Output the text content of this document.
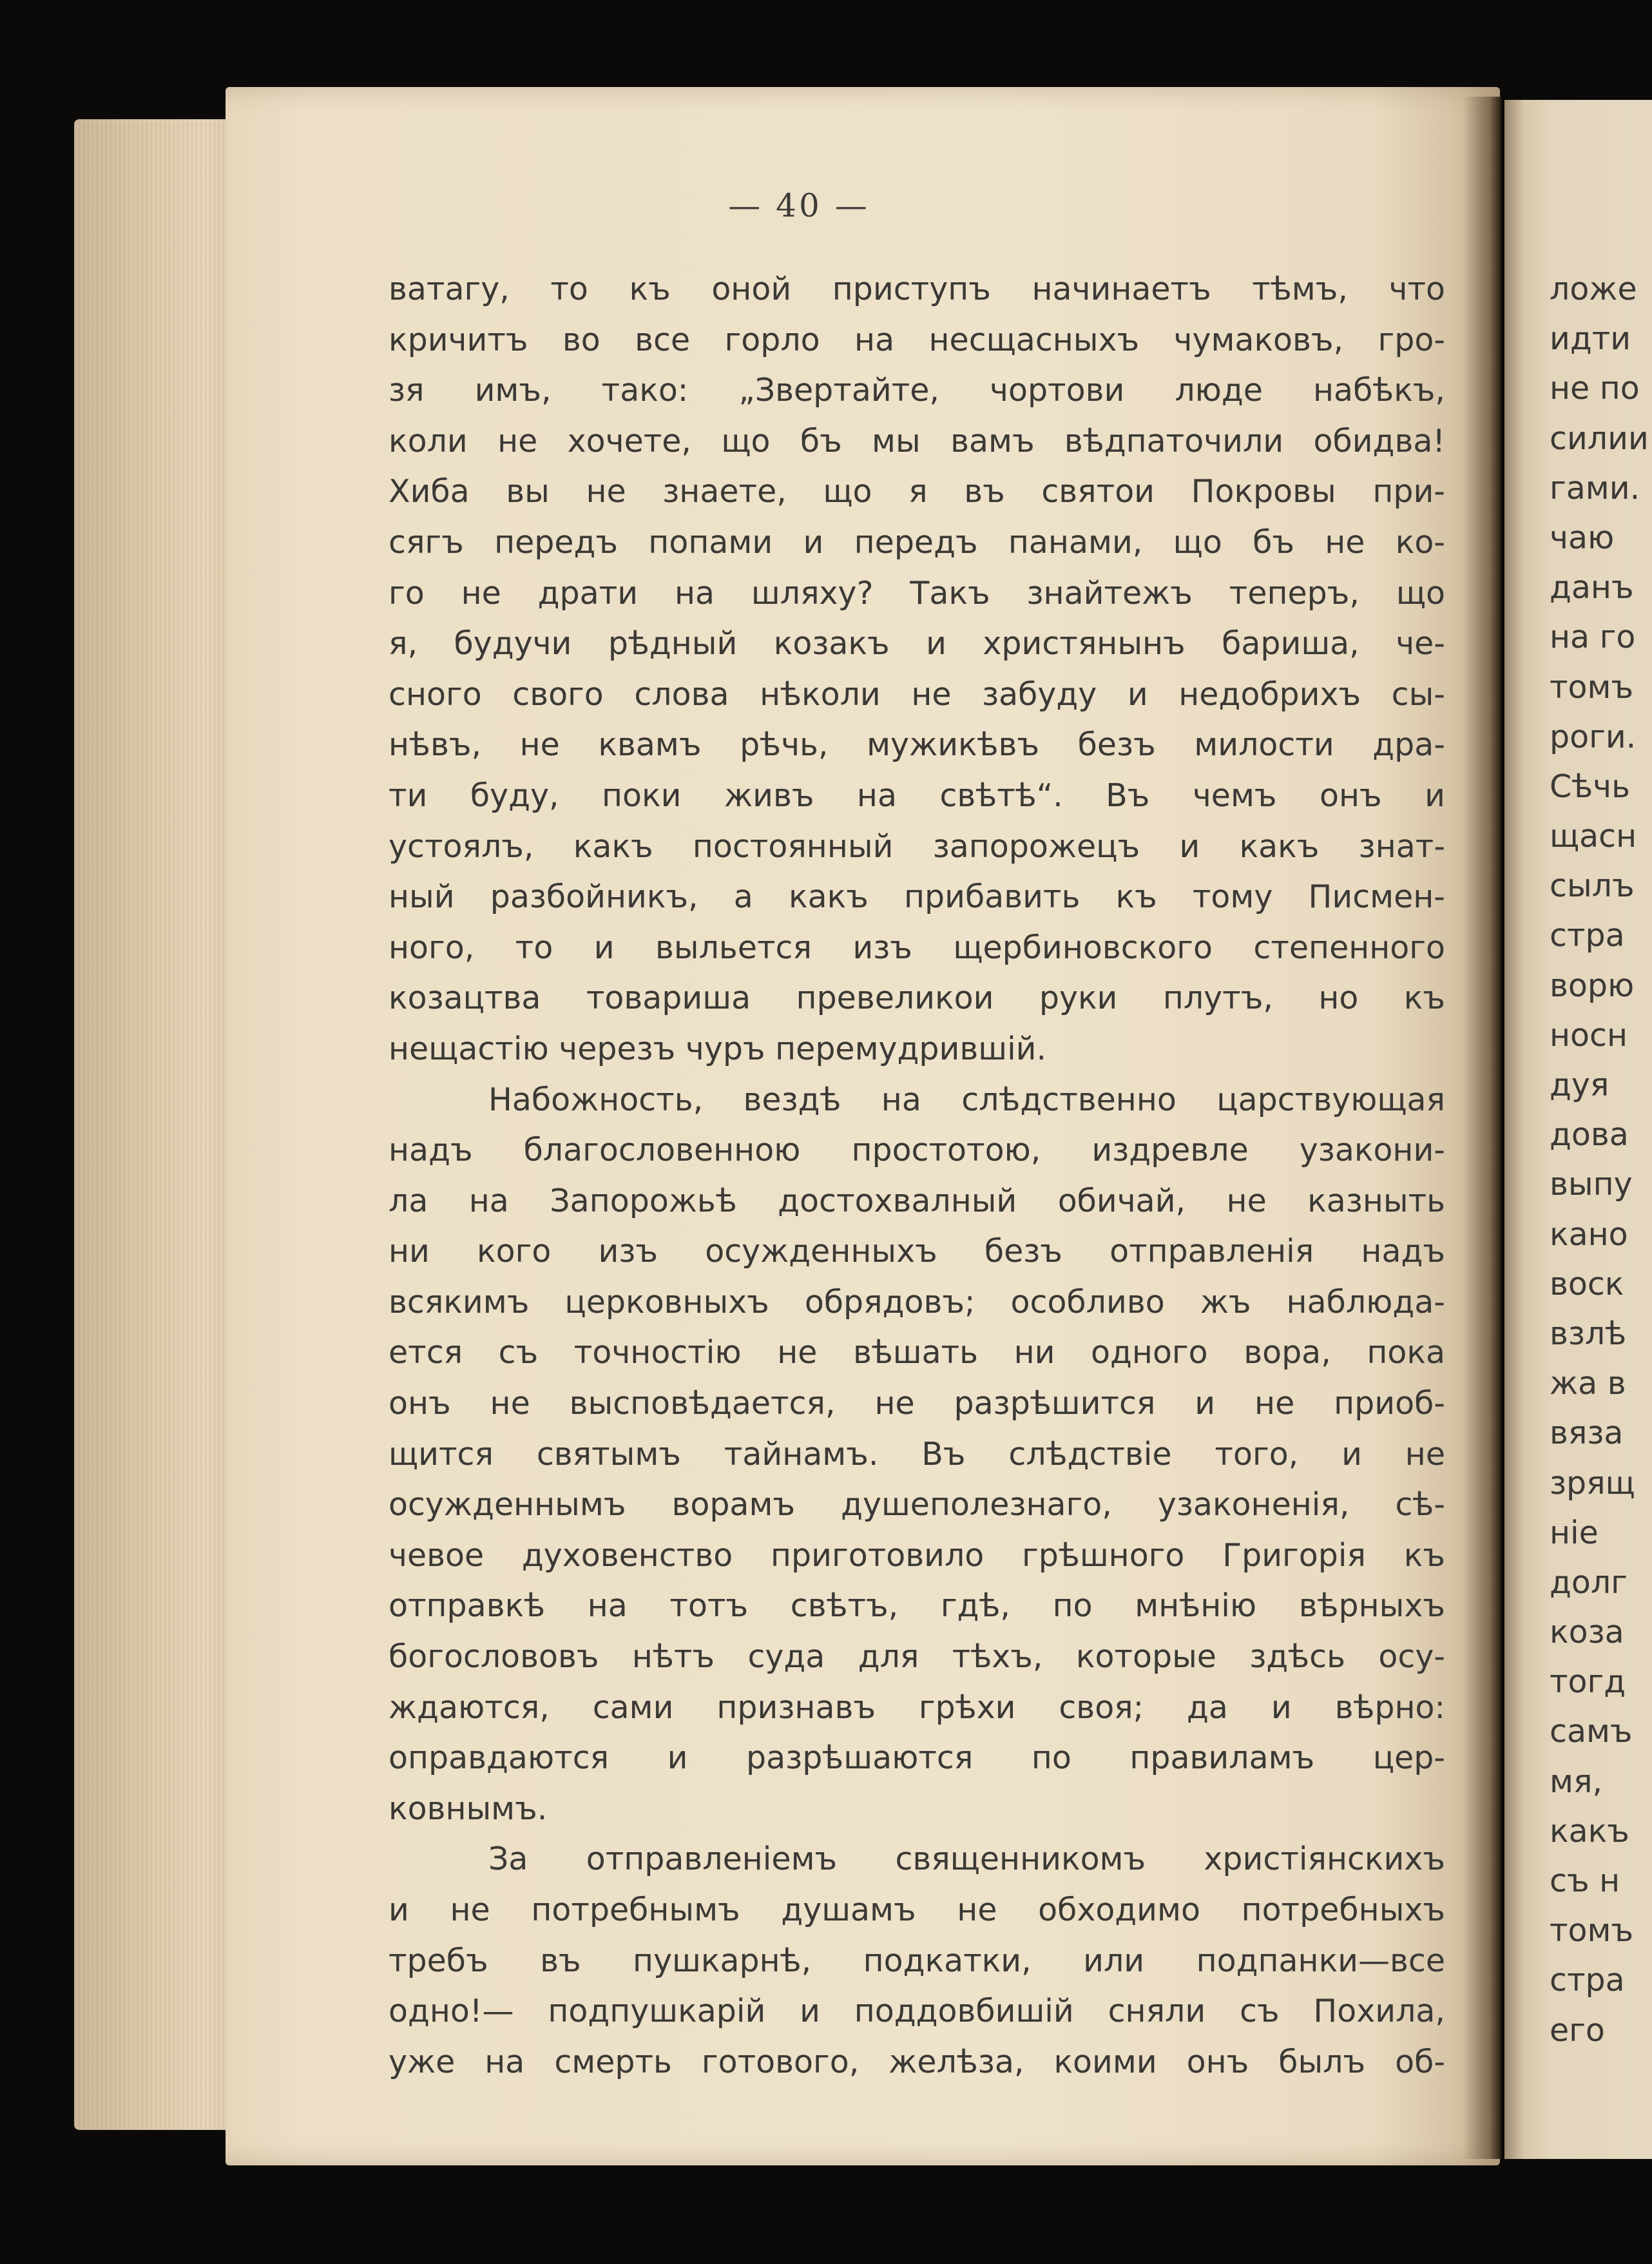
— 40 —
ватагу, то къ оной приступъ начинаетъ тѣмъ, что
кричитъ во все горло на несщасныхъ чумаковъ, гро-
зя имъ, тако: „Звертайте, чортови люде набѣкъ,
коли не хочете, що бъ мы вамъ вѣдпаточили обидва!
Хиба вы не знаете, що я въ святои Покровы при-
сягъ передъ попами и передъ панами, що бъ не ко-
го не драти на шляху? Такъ знайтежъ теперъ, що
я, будучи рѣдный козакъ и христянынъ бариша, че-
сного свого слова нѣколи не забуду и недобрихъ сы-
нѣвъ, не квамъ рѣчь, мужикѣвъ безъ милости дра-
ти буду, поки живъ на свѣтѣ“. Въ чемъ онъ и
устоялъ, какъ постоянный запорожецъ и какъ знат-
ный разбойникъ, а какъ прибавить къ тому Писмен-
ного, то и выльется изъ щербиновского степенного
козацтва товариша превеликои руки плутъ, но къ
нещастію черезъ чуръ перемудрившій.
Набожность, вездѣ на слѣдственно царствующая
надъ благословенною простотою, издревле узакони-
ла на Запорожьѣ достохвалный обичай, не казныть
ни кого изъ осужденныхъ безъ отправленія надъ
всякимъ церковныхъ обрядовъ; особливо жъ наблюда-
ется съ точностію не вѣшать ни одного вора, пока
онъ не высповѣдается, не разрѣшится и не приоб-
щится святымъ тайнамъ. Въ слѣдствіе того, и не
осужденнымъ ворамъ душеполезнаго, узаконенія, сѣ-
чевое духовенство приготовило грѣшного Григорія къ
отправкѣ на тотъ свѣтъ, гдѣ, по мнѣнію вѣрныхъ
богослововъ нѣтъ суда для тѣхъ, которые здѣсь осу-
ждаются, сами признавъ грѣхи своя; да и вѣрно:
оправдаются и разрѣшаются по правиламъ цер-
ковнымъ.
За отправленіемъ священникомъ христіянскихъ
и не потребнымъ душамъ не обходимо потребныхъ
требъ въ пушкарнѣ, подкатки, или подпанки—все
одно!— подпушкарій и поддовбишій сняли съ Похила,
уже на смерть готового, желѣза, коими онъ былъ об-
ложе
идти
не по
силии
гами.
чаю
данъ
на го
томъ
роги.
Сѣчь
щасн
сылъ
стра
ворю
носн
дуя
дова
выпу
кано
воск
взлѣ
жа в
вяза
зрящ
ніе
долг
коза
тогд
самъ
мя,
какъ
съ н
томъ
стра
его
